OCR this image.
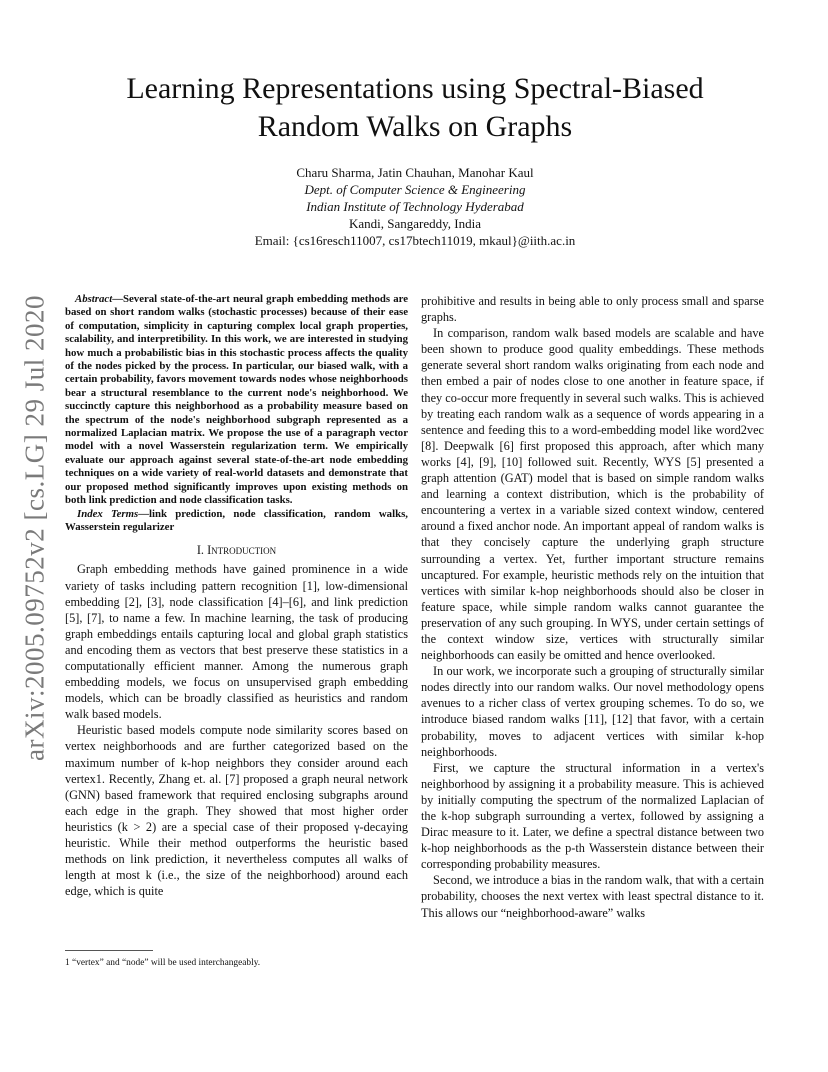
arXiv:2005.09752v2 [cs.LG] 29 Jul 2020
Learning Representations using Spectral-Biased
Random Walks on Graphs
Charu Sharma, Jatin Chauhan, Manohar Kaul
Dept. of Computer Science & Engineering
Indian Institute of Technology Hyderabad
Kandi, Sangareddy, India
Email: {cs16resch11007, cs17btech11019, mkaul}@iith.ac.in

Abstract—Several state-of-the-art neural graph embedding methods are based on short random walks (stochastic processes) because of their ease of computation, simplicity in capturing complex local graph properties, scalability, and interpretibility. In this work, we are interested in studying how much a probabilistic bias in this stochastic process affects the quality of the nodes picked by the process. In particular, our biased walk, with a certain probability, favors movement towards nodes whose neighborhoods bear a structural resemblance to the current node's neighborhood. We succinctly capture this neighborhood as a probability measure based on the spectrum of the node's neighborhood subgraph represented as a normalized Laplacian matrix. We propose the use of a paragraph vector model with a novel Wasserstein regularization term. We empirically evaluate our approach against several state-of-the-art node embedding techniques on a wide variety of real-world datasets and demonstrate that our proposed method significantly improves upon existing methods on both link prediction and node classification tasks.

Index Terms—link prediction, node classification, random walks, Wasserstein regularizer

I. Introduction

Graph embedding methods have gained prominence in a wide variety of tasks including pattern recognition [1], low-dimensional embedding [2], [3], node classification [4]–[6], and link prediction [5], [7], to name a few. In machine learning, the task of producing graph embeddings entails capturing local and global graph statistics and encoding them as vectors that best preserve these statistics in a computationally efficient manner. Among the numerous graph embedding models, we focus on unsupervised graph embedding models, which can be broadly classified as heuristics and random walk based models.

Heuristic based models compute node similarity scores based on vertex neighborhoods and are further categorized based on the maximum number of k-hop neighbors they consider around each vertex1. Recently, Zhang et. al. [7] proposed a graph neural network (GNN) based framework that required enclosing subgraphs around each edge in the graph. They showed that most higher order heuristics (k > 2) are a special case of their proposed γ-decaying heuristic. While their method outperforms the heuristic based methods on link prediction, it nevertheless computes all walks of length at most k (i.e., the size of the neighborhood) around each edge, which is quite

1 “vertex” and “node” will be used interchangeably.

prohibitive and results in being able to only process small and sparse graphs.

In comparison, random walk based models are scalable and have been shown to produce good quality embeddings. These methods generate several short random walks originating from each node and then embed a pair of nodes close to one another in feature space, if they co-occur more frequently in several such walks. This is achieved by treating each random walk as a sequence of words appearing in a sentence and feeding this to a word-embedding model like word2vec [8]. Deepwalk [6] first proposed this approach, after which many works [4], [9], [10] followed suit. Recently, WYS [5] presented a graph attention (GAT) model that is based on simple random walks and learning a context distribution, which is the probability of encountering a vertex in a variable sized context window, centered around a fixed anchor node. An important appeal of random walks is that they concisely capture the underlying graph structure surrounding a vertex. Yet, further important structure remains uncaptured. For example, heuristic methods rely on the intuition that vertices with similar k-hop neighborhoods should also be closer in feature space, while simple random walks cannot guarantee the preservation of any such grouping. In WYS, under certain settings of the context window size, vertices with structurally similar neighborhoods can easily be omitted and hence overlooked.

In our work, we incorporate such a grouping of structurally similar nodes directly into our random walks. Our novel methodology opens avenues to a richer class of vertex grouping schemes. To do so, we introduce biased random walks [11], [12] that favor, with a certain probability, moves to adjacent vertices with similar k-hop neighborhoods.

First, we capture the structural information in a vertex's neighborhood by assigning it a probability measure. This is achieved by initially computing the spectrum of the normalized Laplacian of the k-hop subgraph surrounding a vertex, followed by assigning a Dirac measure to it. Later, we define a spectral distance between two k-hop neighborhoods as the p-th Wasserstein distance between their corresponding probability measures.

Second, we introduce a bias in the random walk, that with a certain probability, chooses the next vertex with least spectral distance to it. This allows our “neighborhood-aware” walks
